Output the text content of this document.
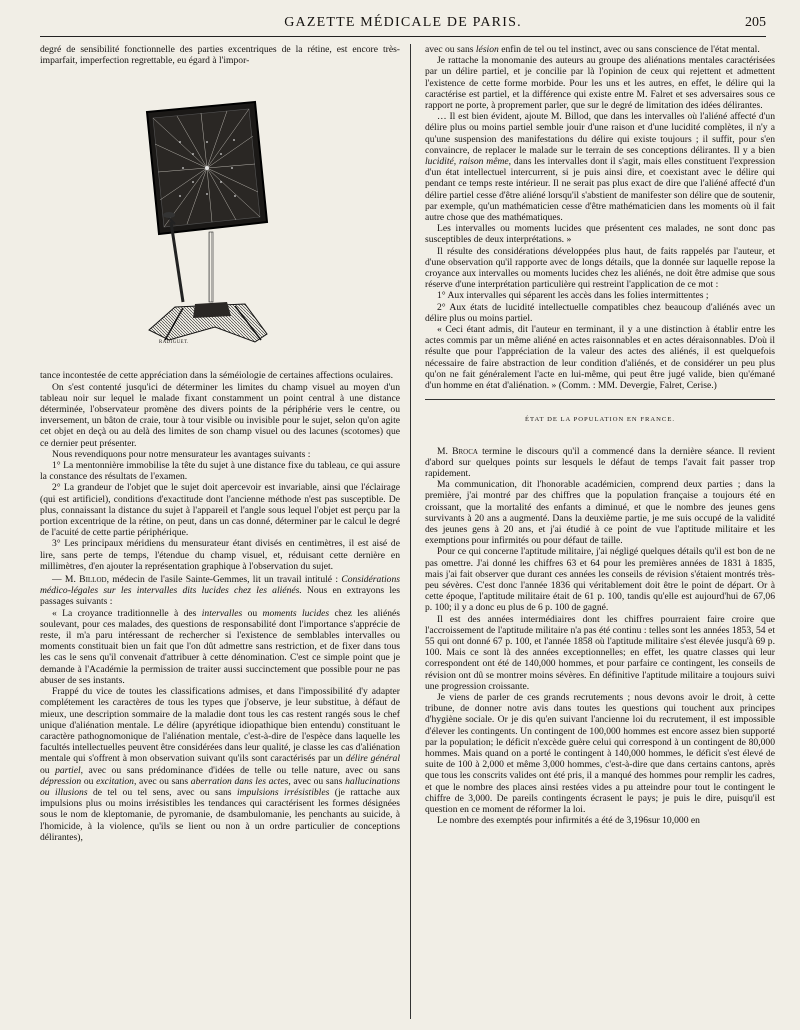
GAZETTE MÉDICALE DE PARIS.	205

degré de sensibilité fonctionnelle des parties excentriques de la rétine, est encore très-imparfait, imperfection regrettable, eu égard à l'impor-

RADIGUET.

tance incontestée de cette appréciation dans la séméiologie de certaines affections oculaires.

On s'est contenté jusqu'ici de déterminer les limites du champ visuel au moyen d'un tableau noir sur lequel le malade fixant constamment un point central à une distance déterminée, l'observateur promène des divers points de la périphérie vers le centre, ou inversement, un bâton de craie, tour à tour visible ou invisible pour le sujet, selon qu'on agite cet objet en deçà ou au delà des limites de son champ visuel ou des lacunes (scotomes) que ce dernier peut présenter.

Nous revendiquons pour notre mensurateur les avantages suivants :

1° La mentonnière immobilise la tête du sujet à une distance fixe du tableau, ce qui assure la constance des résultats de l'examen.

2° La grandeur de l'objet que le sujet doit apercevoir est invariable, ainsi que l'éclairage (qui est artificiel), conditions d'exactitude dont l'ancienne méthode n'est pas susceptible. De plus, connaissant la distance du sujet à l'appareil et l'angle sous lequel l'objet est perçu par la portion excentrique de la rétine, on peut, dans un cas donné, déterminer par le calcul le degré de l'acuité de cette partie périphérique.

3° Les principaux méridiens du mensurateur étant divisés en centimètres, il est aisé de lire, sans perte de temps, l'étendue du champ visuel, et, réduisant cette dernière en millimètres, d'en ajouter la représentation graphique à l'observation du sujet.

— M. Billod, médecin de l'asile Sainte-Gemmes, lit un travail intitulé : Considérations médico-légales sur les intervalles dits lucides chez les aliénés. Nous en extrayons les passages suivants :

« La croyance traditionnelle à des intervalles ou moments lucides chez les aliénés soulevant, pour ces malades, des questions de responsabilité dont l'importance s'apprécie de reste, il m'a paru intéressant de rechercher si l'existence de semblables intervalles ou moments constituait bien un fait que l'on dût admettre sans restriction, et de fixer dans tous les cas le sens qu'il convenait d'attribuer à cette dénomination. C'est ce simple point que je demande à l'Académie la permission de traiter aussi succinctement que possible pour ne pas abuser de ses instants.

Frappé du vice de toutes les classifications admises, et dans l'impossibilité d'y adapter complétement les caractères de tous les types que j'observe, je leur substitue, à défaut de mieux, une description sommaire de la maladie dont tous les cas restent rangés sous le chef unique d'aliénation mentale. Le délire (apyrétique idiopathique bien entendu) constituant le caractère pathognomonique de l'aliénation mentale, c'est-à-dire de l'espèce dans laquelle les facultés intellectuelles peuvent être considérées dans leur qualité, je classe les cas d'aliénation mentale qui s'offrent à mon observation suivant qu'ils sont caractérisés par un délire général ou partiel, avec ou sans prédominance d'idées de telle ou telle nature, avec ou sans dépression ou excitation, avec ou sans aberration dans les actes, avec ou sans hallucinations ou illusions de tel ou tel sens, avec ou sans impulsions irrésistibles (je rattache aux impulsions plus ou moins irrésistibles les tendances qui caractérisent les formes désignées sous le nom de kleptomanie, de pyromanie, de dsambulomanie, les penchants au suicide, à l'homicide, à la violence, qu'ils se lient ou non à un ordre particulier de conceptions délirantes),

avec ou sans lésion enfin de tel ou tel instinct, avec ou sans conscience de l'état mental.

Je rattache la monomanie des auteurs au groupe des aliénations mentales caractérisées par un délire partiel, et je concilie par là l'opinion de ceux qui rejettent et admettent l'existence de cette forme morbide. Pour les uns et les autres, en effet, le délire qui la caractérise est partiel, et la différence qui existe entre M. Falret et ses adversaires sous ce rapport ne porte, à proprement parler, que sur le degré de limitation des idées délirantes.

… Il est bien évident, ajoute M. Billod, que dans les intervalles où l'aliéné affecté d'un délire plus ou moins partiel semble jouir d'une raison et d'une lucidité complètes, il n'y a qu'une suspension des manifestations du délire qui existe toujours ; il suffit, pour s'en convaincre, de replacer le malade sur le terrain de ses conceptions délirantes. Il y a bien lucidité, raison même, dans les intervalles dont il s'agit, mais elles constituent l'expression d'un état intellectuel intercurrent, si je puis ainsi dire, et coexistant avec le délire qui pendant ce temps reste intérieur. Il ne serait pas plus exact de dire que l'aliéné affecté d'un délire partiel cesse d'être aliéné lorsqu'il s'abstient de manifester son délire que de soutenir, par exemple, qu'un mathématicien cesse d'être mathématicien dans les moments où il fait autre chose que des mathématiques.

Les intervalles ou moments lucides que présentent ces malades, ne sont donc pas susceptibles de deux interprétations. »

Il résulte des considérations développées plus haut, de faits rappelés par l'auteur, et d'une observation qu'il rapporte avec de longs détails, que la donnée sur laquelle repose la croyance aux intervalles ou moments lucides chez les aliénés, ne doit être admise que sous réserve d'une interprétation particulière qui restreint l'application de ce mot :

1° Aux intervalles qui séparent les accès dans les folies intermittentes ;

2° Aux états de lucidité intellectuelle compatibles chez beaucoup d'aliénés avec un délire plus ou moins partiel.

« Ceci étant admis, dit l'auteur en terminant, il y a une distinction à établir entre les actes commis par un même aliéné en actes raisonnables et en actes déraisonnables. D'où il résulte que pour l'appréciation de la valeur des actes des aliénés, il est quelquefois nécessaire de faire abstraction de leur condition d'aliénés, et de considérer un peu plus qu'on ne fait généralement l'acte en lui-même, qui peut être jugé valide, bien qu'émané d'un homme en état d'aliénation. » (Comm. : MM. Devergie, Falret, Cerise.)

ÉTAT DE LA POPULATION EN FRANCE.

M. Broca termine le discours qu'il a commencé dans la dernière séance. Il revient d'abord sur quelques points sur lesquels le défaut de temps l'avait fait passer trop rapidement.

Ma communication, dit l'honorable académicien, comprend deux parties ; dans la première, j'ai montré par des chiffres que la population française a toujours été en croissant, que la mortalité des enfants a diminué, et que le nombre des jeunes gens survivants à 20 ans a augmenté. Dans la deuxième partie, je me suis occupé de la validité des jeunes gens à 20 ans, et j'ai étudié à ce point de vue l'aptitude militaire et les exemptions pour infirmités ou pour défaut de taille.

Pour ce qui concerne l'aptitude militaire, j'ai négligé quelques détails qu'il est bon de ne pas omettre. J'ai donné les chiffres 63 et 64 pour les premières années de 1831 à 1835, mais j'ai fait observer que durant ces années les conseils de révision s'étaient montrés très-peu sévères. C'est donc l'année 1836 qui véritablement doit être le point de départ. Or à cette époque, l'aptitude militaire était de 61 p. 100, tandis qu'elle est aujourd'hui de 67,06 p. 100; il y a donc eu plus de 6 p. 100 de gagné.

Il est des années intermédiaires dont les chiffres pourraient faire croire que l'accroissement de l'aptitude militaire n'a pas été continu : telles sont les années 1853, 54 et 55 qui ont donné 67 p. 100, et l'année 1858 où l'aptitude militaire s'est élevée jusqu'à 69 p. 100. Mais ce sont là des années exceptionnelles; en effet, les quatre classes qui leur correspondent ont été de 140,000 hommes, et pour parfaire ce contingent, les conseils de révision ont dû se montrer moins sévères. En définitive l'aptitude militaire a toujours suivi une progression croissante.

Je viens de parler de ces grands recrutements ; nous devons avoir le droit, à cette tribune, de donner notre avis dans toutes les questions qui touchent aux principes d'hygiène sociale. Or je dis qu'en suivant l'ancienne loi du recrutement, il est impossible d'élever les contingents. Un contingent de 100,000 hommes est encore assez bien supporté par la population; le déficit n'excède guère celui qui correspond à un contingent de 80,000 hommes. Mais quand on a porté le contingent à 140,000 hommes, le déficit s'est élevé de suite de 100 à 2,000 et même 3,000 hommes, c'est-à-dire que dans certains cantons, après que tous les conscrits valides ont été pris, il a manqué des hommes pour remplir les cadres, et que le nombre des places ainsi restées vides a pu atteindre pour tout le contingent le chiffre de 3,000. De pareils contingents écrasent le pays; je puis le dire, puisqu'il est question en ce moment de réformer la loi.

Le nombre des exemptés pour infirmités a été de 3,196sur 10,000 en
